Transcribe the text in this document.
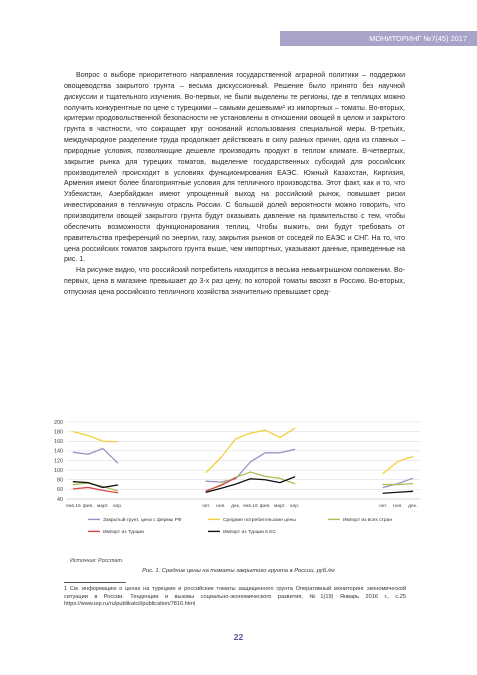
МОНИТОРИНГ №7(45) 2017

Вопрос о выборе приоритетного направления государственной аграрной политики – поддержки овощеводства закрытого грунта – весьма дискуссионный. Решение было принято без научной дискуссии и тщательного изучения. Во-первых, не были выделены те регионы, где в теплицах можно получить конкурентные по цене с турецкими – самыми дешевыми¹ из импортных – томаты. Во-вторых, критерии продовольственной безопасности не установлены в отношении овощей в целом и закрытого грунта в частности, что сокращает круг оснований использования специальной меры. В-третьих, международное разделение труда продолжает действовать в силу разных причин, одна из главных – природные условия, позволяющие дешевле производить продукт в теплом климате. В-четвертых, закрытие рынка для турецких томатов, выделение государственных субсидий для российских производителей происходит в условиях функционирования ЕАЭС. Южный Казахстан, Киргизия, Армения имеют более благоприятные условия для тепличного производства. Этот факт, как и то, что Узбекистан, Азербайджан имеют упрощенный выход на российский рынок, повышает риски инвестирования в тепличную отрасль России. С большой долей вероятности можно говорить, что производители овощей закрытого грунта будут оказывать давление на правительство с тем, чтобы обеспечить возможности функционирования теплиц. Чтобы выжить, они будут требовать от правительства преференций по энергии, газу, закрытия рынков от соседей по ЕАЭС и СНГ. На то, что цена российских томатов закрытого грунта выше, чем импортных, указывают данные, приведенные на рис. 1.

На рисунке видно, что российский потребитель находится в весьма невыигрышном положении. Во-первых, цена в магазине превышает до 3-х раз цену, по которой томаты ввозят в Россию. Во-вторых, отпускная цена российского тепличного хозяйства значительно превышает сред-

40
60
80
100
120
140
160
180
200
янв.15 фев. март. апр.	окт. ноя. дек. янв.16 фев. март. апр.	окт. ноя. дек.
Закрытый грунт, цена с фермы РФ	Средние потребительские цены	Импорт из всех стран
Импорт из Турции	Импорт из Турции в ЕС
Источник: Росстат.
Рис. 1. Средние цены на томаты закрытого грунта в России, руб./кг
1 См. информацию о ценах на турецкие и российские томаты защищенного грунта Оперативный мониторинг экономической ситуации в России. Тенденции и вызовы социально-экономического развития, №1(19) Январь 2016 г., с.25 https://www.iep.ru/ru/publikatcii/publication/7816.html
22
